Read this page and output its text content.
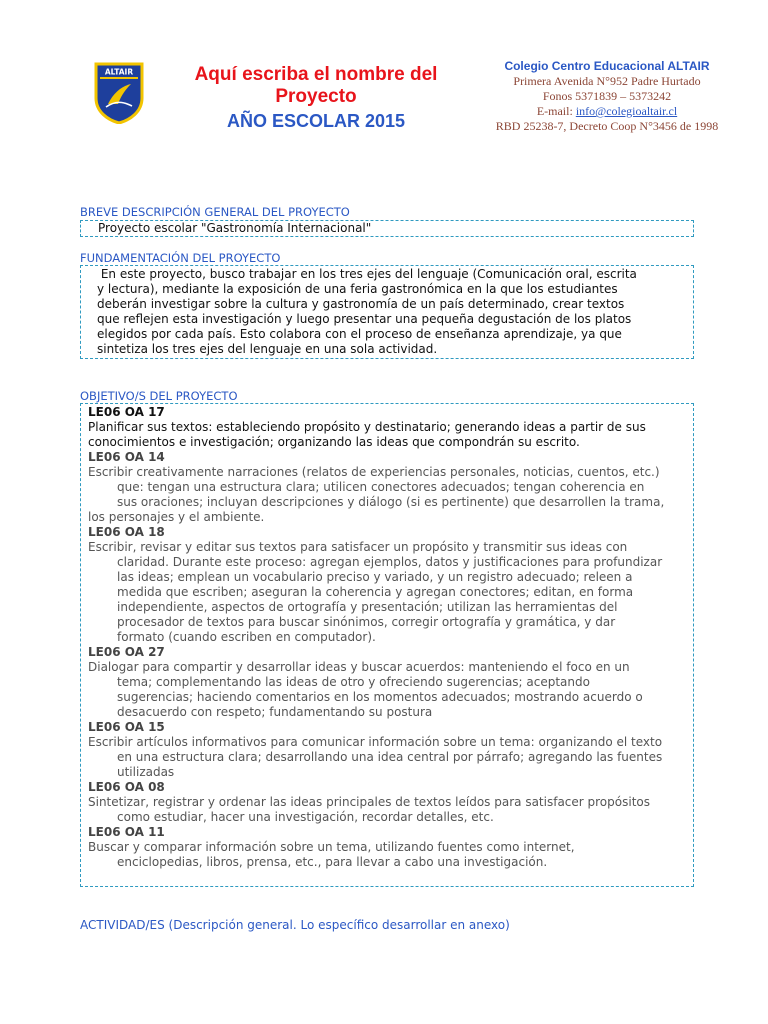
ALTAIR	Aquí escriba el nombre del Proyecto
AÑO ESCOLAR 2015
Colegio Centro Educacional ALTAIR
Primera Avenida N°952 Padre Hurtado
Fonos 5371839 – 5373242
E-mail: info@colegioaltair.cl
RBD 25238-7, Decreto Coop N°3456 de 1998
BREVE DESCRIPCIÓN GENERAL DEL PROYECTO
Proyecto escolar "Gastronomía Internacional"
FUNDAMENTACIÓN DEL PROYECTO
En este proyecto, busco trabajar en los tres ejes del lenguaje (Comunicación oral, escrita
y lectura), mediante la exposición de una feria gastronómica en la que los estudiantes
deberán investigar sobre la cultura y gastronomía de un país determinado, crear textos
que reflejen esta investigación y luego presentar una pequeña degustación de los platos
elegidos por cada país. Esto colabora con el proceso de enseñanza aprendizaje, ya que
sintetiza los tres ejes del lenguaje en una sola actividad.
OBJETIVO/S DEL PROYECTO
LE06 OA 17
Planificar sus textos: estableciendo propósito y destinatario; generando ideas a partir de sus
conocimientos e investigación; organizando las ideas que compondrán su escrito.
LE06 OA 14
Escribir creativamente narraciones (relatos de experiencias personales, noticias, cuentos, etc.)
que: tengan una estructura clara; utilicen conectores adecuados; tengan coherencia en
sus oraciones; incluyan descripciones y diálogo (si es pertinente) que desarrollen la trama,
los personajes y el ambiente.
LE06 OA 18
Escribir, revisar y editar sus textos para satisfacer un propósito y transmitir sus ideas con
claridad. Durante este proceso: agregan ejemplos, datos y justificaciones para profundizar
las ideas; emplean un vocabulario preciso y variado, y un registro adecuado; releen a
medida que escriben; aseguran la coherencia y agregan conectores; editan, en forma
independiente, aspectos de ortografía y presentación; utilizan las herramientas del
procesador de textos para buscar sinónimos, corregir ortografía y gramática, y dar
formato (cuando escriben en computador).
LE06 OA 27
Dialogar para compartir y desarrollar ideas y buscar acuerdos: manteniendo el foco en un
tema; complementando las ideas de otro y ofreciendo sugerencias; aceptando
sugerencias; haciendo comentarios en los momentos adecuados; mostrando acuerdo o
desacuerdo con respeto; fundamentando su postura
LE06 OA 15
Escribir artículos informativos para comunicar información sobre un tema: organizando el texto
en una estructura clara; desarrollando una idea central por párrafo; agregando las fuentes
utilizadas
LE06 OA 08
Sintetizar, registrar y ordenar las ideas principales de textos leídos para satisfacer propósitos
como estudiar, hacer una investigación, recordar detalles, etc.
LE06 OA 11
Buscar y comparar información sobre un tema, utilizando fuentes como internet,
enciclopedias, libros, prensa, etc., para llevar a cabo una investigación.
ACTIVIDAD/ES (Descripción general. Lo específico desarrollar en anexo)
